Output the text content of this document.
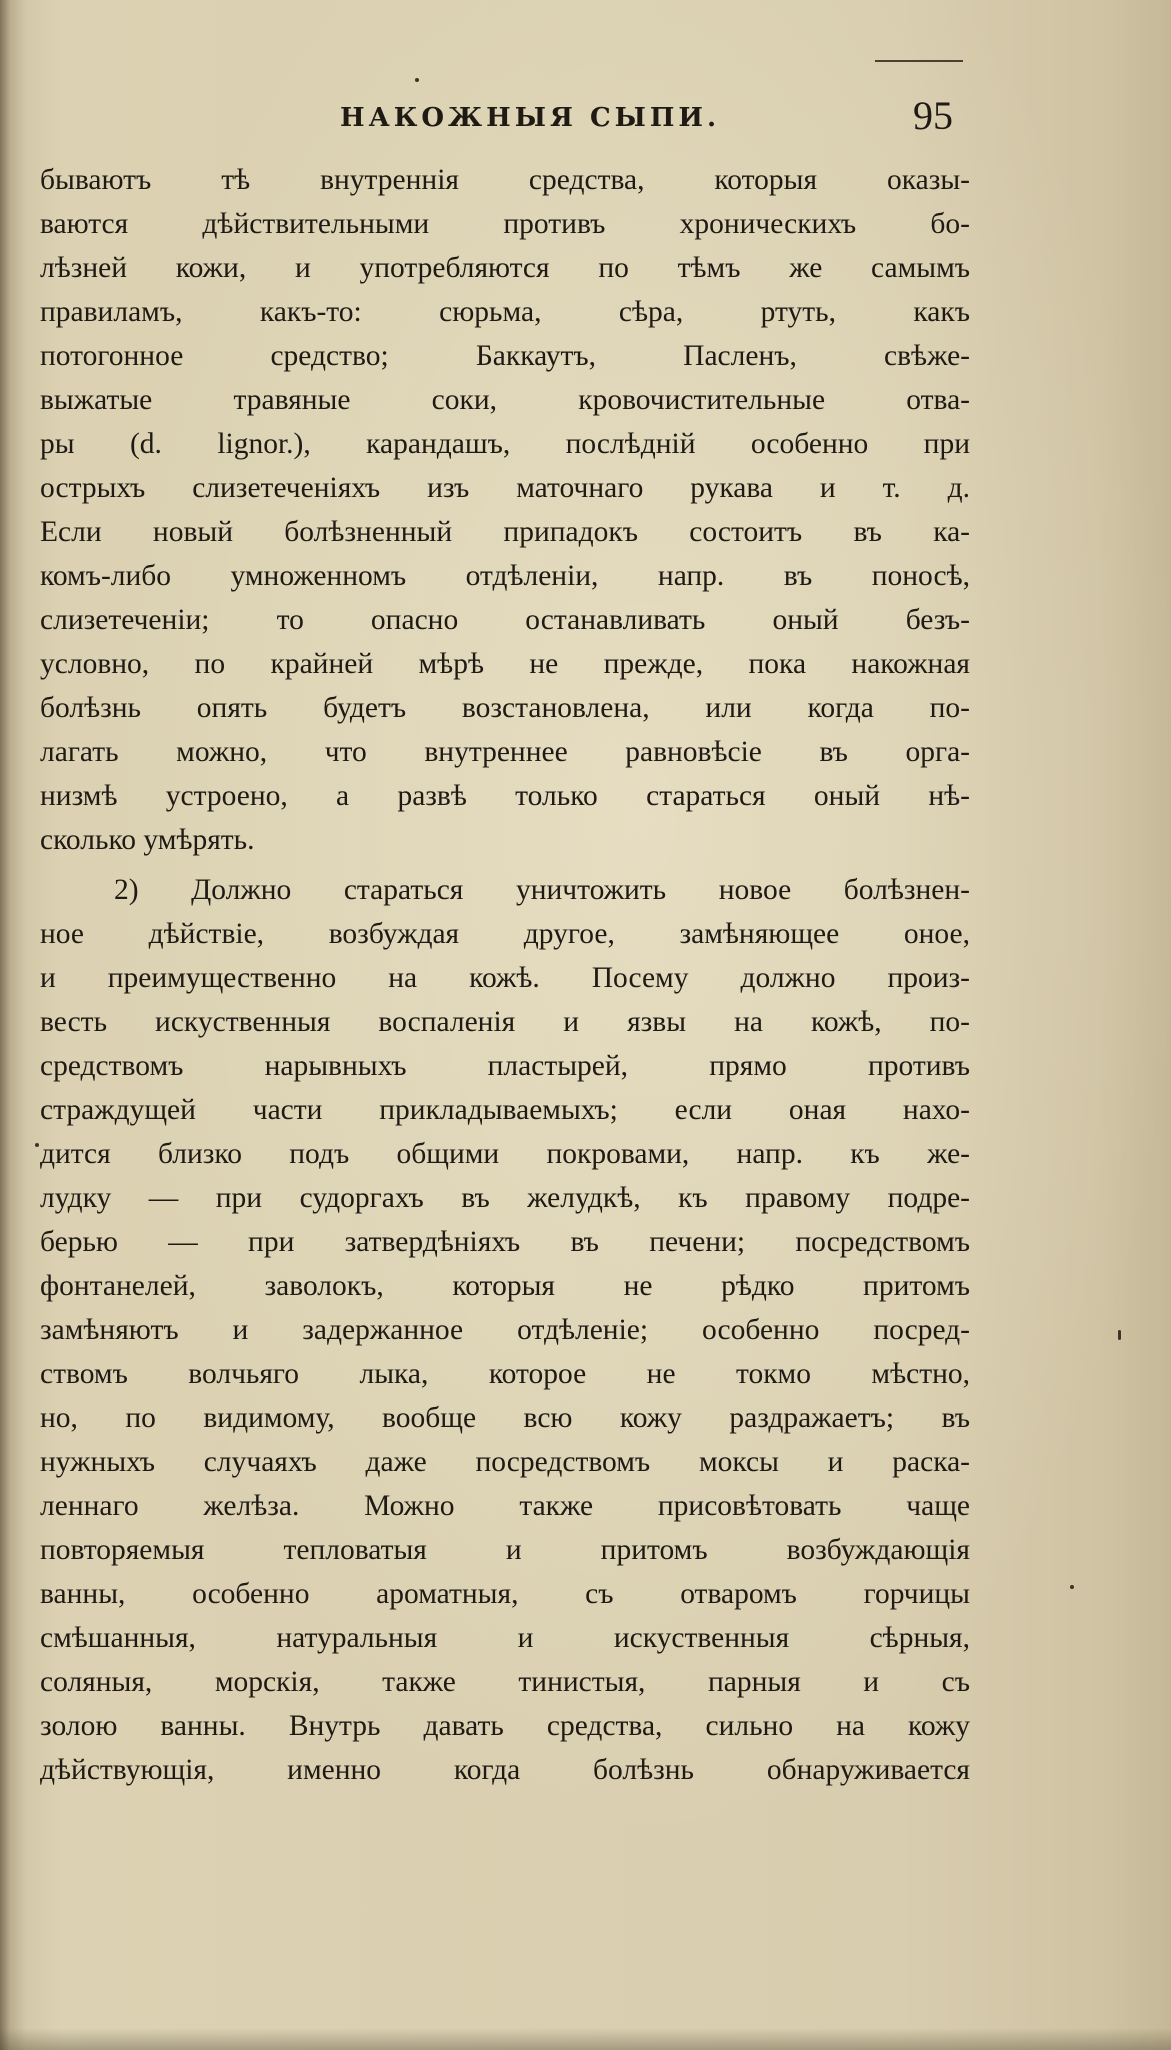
НАКОЖНЫЯ СЫПИ.	95
бываютъ тѣ внутреннія средства, которыя оказы-
ваются дѣйствительными противъ хроническихъ бо-
лѣзней кожи, и употребляются по тѣмъ же самымъ
правиламъ, какъ-то: сюрьма, сѣра, ртуть, какъ
потогонное средство; Баккаутъ, Пасленъ, свѣже-
выжатые травяные соки, кровочистительные отва-
ры (d. lignor.), карандашъ, послѣдній особенно при
острыхъ слизетеченіяхъ изъ маточнаго рукава и т. д.
Если новый болѣзненный припадокъ состоитъ въ ка-
комъ-либо умноженномъ отдѣленіи, напр. въ поносѣ,
слизетеченіи; то опасно останавливать оный безъ-
условно, по крайней мѣрѣ не прежде, пока накожная
болѣзнь опять будетъ возстановлена, или когда по-
лагать можно, что внутреннее равновѣсіе въ орга-
низмѣ устроено, а развѣ только стараться оный нѣ-
сколько умѣрять.
2) Должно стараться уничтожить новое болѣзнен-
ное дѣйствіе, возбуждая другое, замѣняющее оное,
и преимущественно на кожѣ. Посему должно произ-
весть искуственныя воспаленія и язвы на кожѣ, по-
средствомъ нарывныхъ пластырей, прямо противъ
страждущей части прикладываемыхъ; если оная нахо-
дится близко подъ общими покровами, напр. къ же-
лудку — при судоргахъ въ желудкѣ, къ правому подре-
берью — при затвердѣніяхъ въ печени; посредствомъ
фонтанелей, заволокъ, которыя не рѣдко притомъ
замѣняютъ и задержанное отдѣленіе; особенно посред-
ствомъ волчьяго лыка, которое не токмо мѣстно,
но, по видимому, вообще всю кожу раздражаетъ; въ
нужныхъ случаяхъ даже посредствомъ моксы и раска-
леннаго желѣза. Можно также присовѣтовать чаще
повторяемыя тепловатыя и притомъ возбуждающія
ванны, особенно ароматныя, съ отваромъ горчицы
смѣшанныя, натуральныя и искуственныя сѣрныя,
соляныя, морскія, также тинистыя, парныя и съ
золою ванны. Внутрь давать средства, сильно на кожу
дѣйствующія, именно когда болѣзнь обнаруживается
